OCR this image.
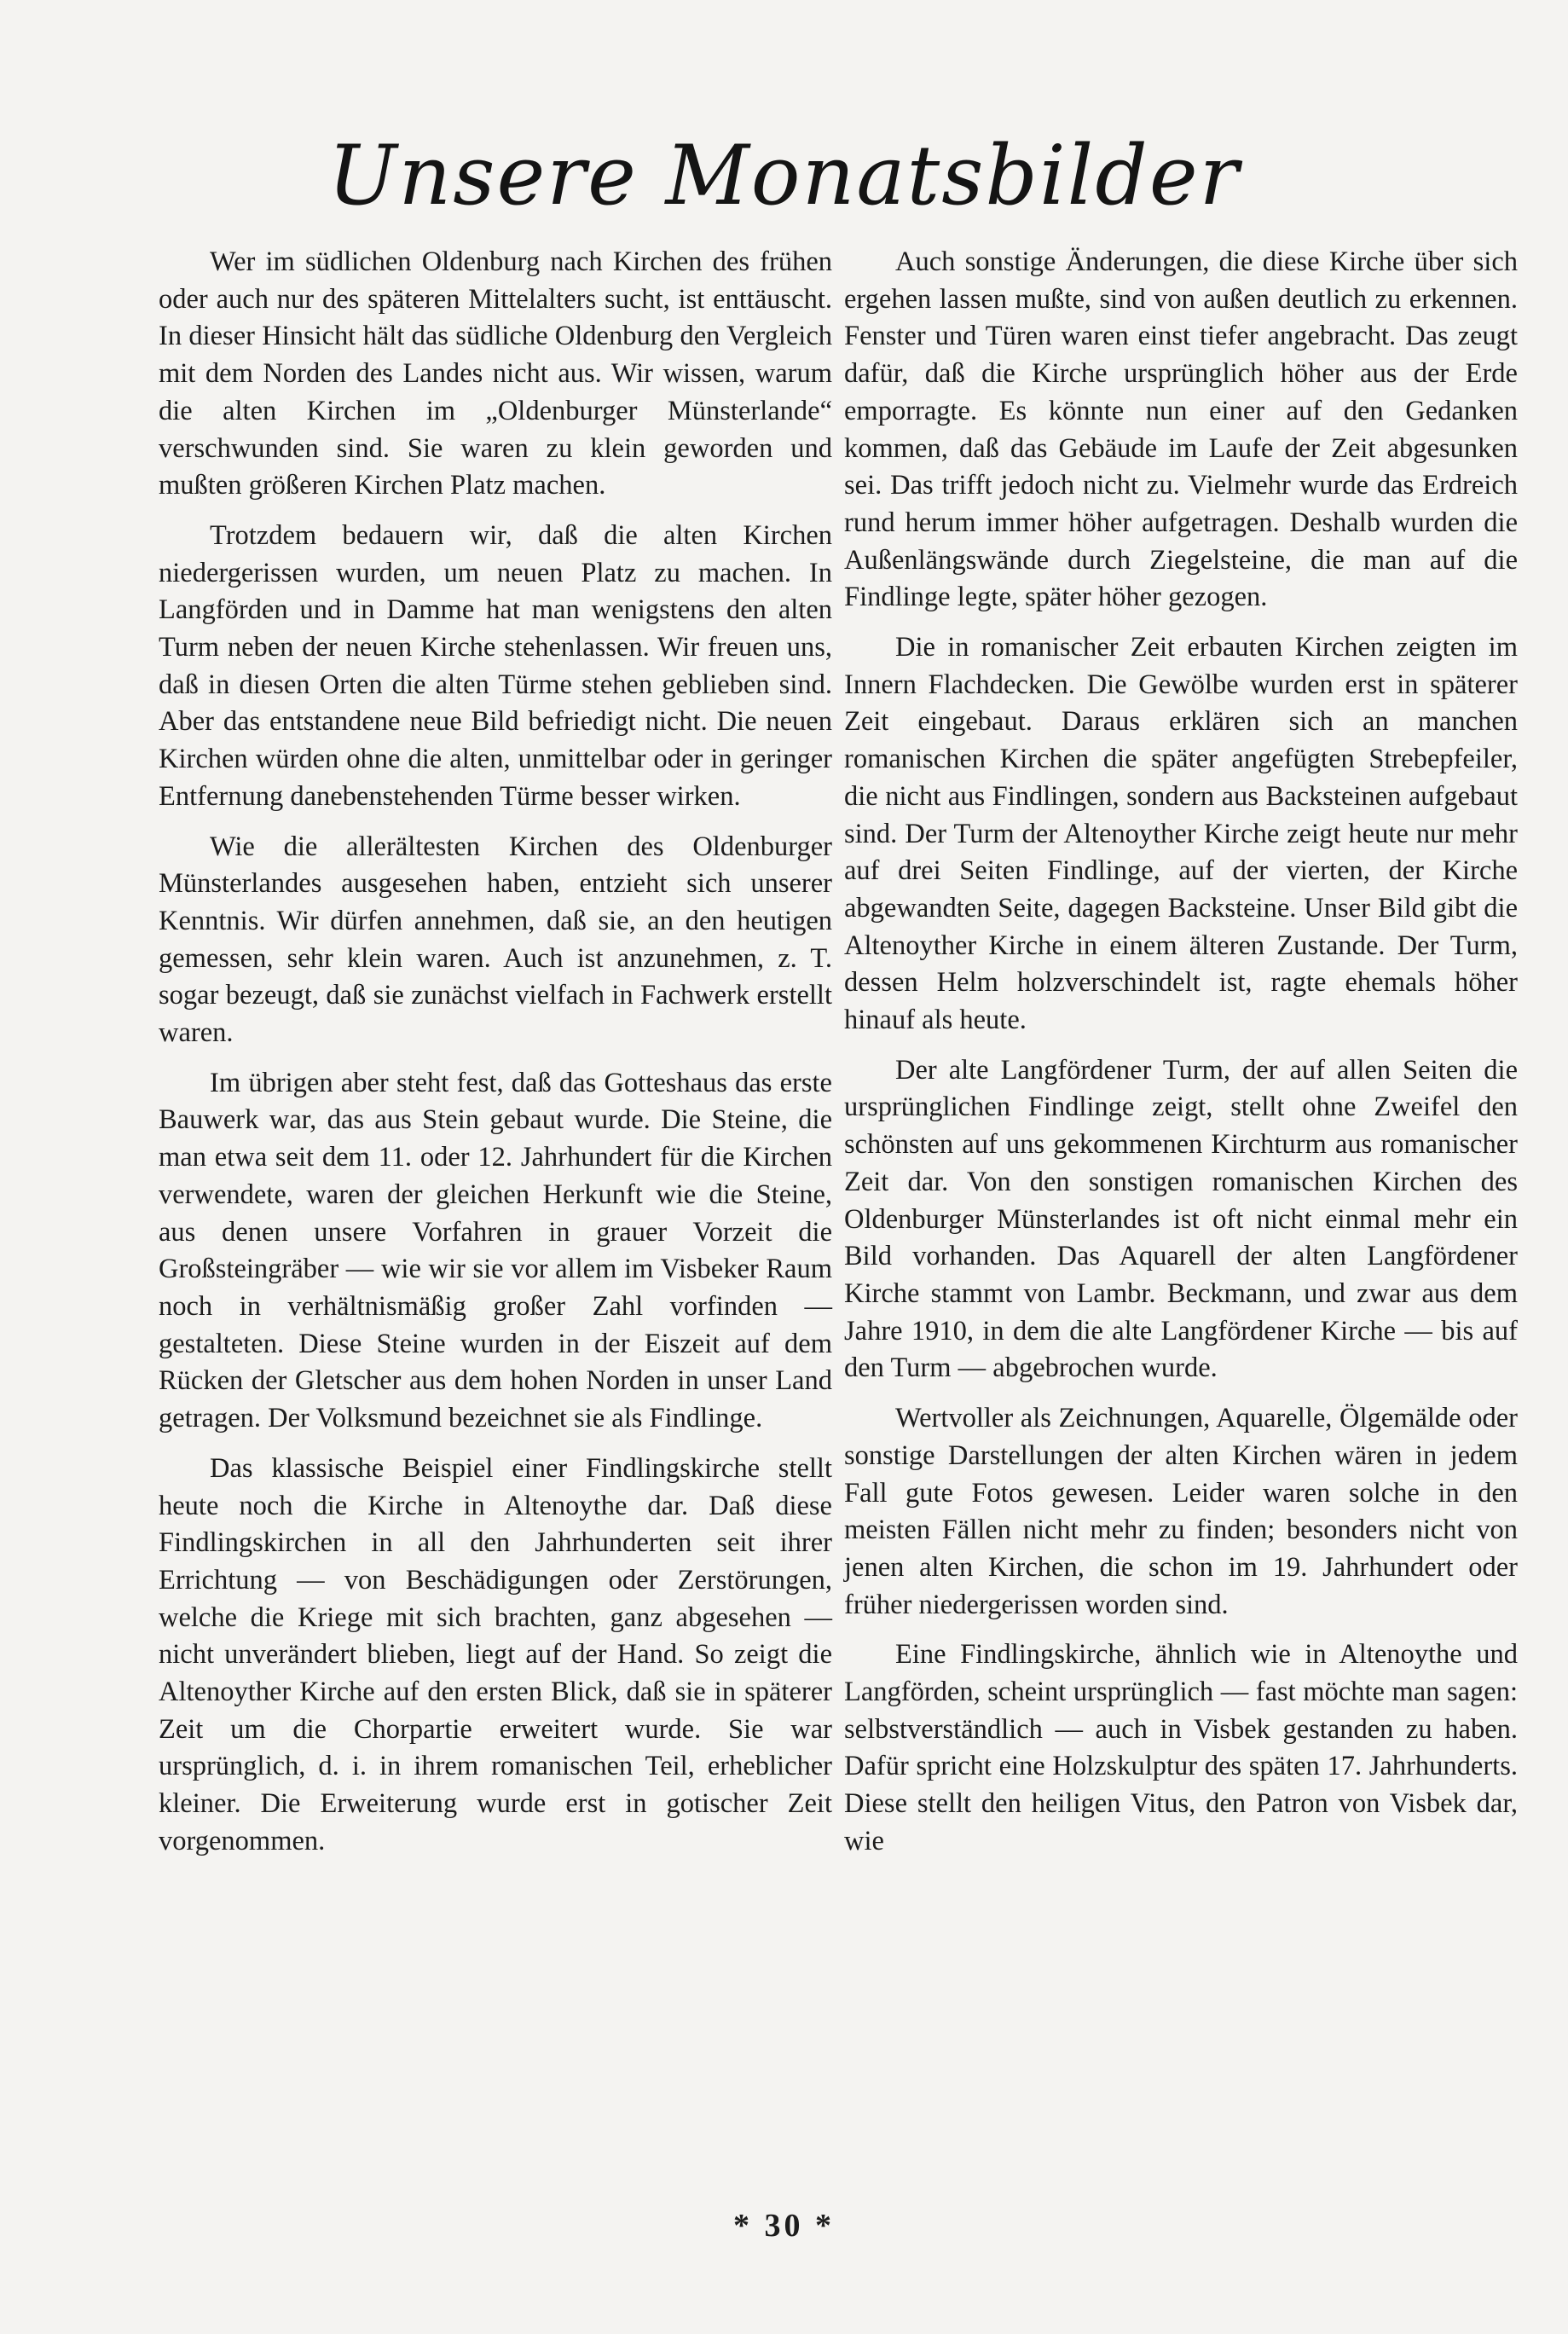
Unsere Monatsbilder

Wer im südlichen Oldenburg nach Kirchen des frühen oder auch nur des späteren Mittelalters sucht, ist enttäuscht. In dieser Hinsicht hält das südliche Oldenburg den Vergleich mit dem Norden des Landes nicht aus. Wir wissen, warum die alten Kirchen im „Oldenburger Münsterlande“ verschwunden sind. Sie waren zu klein geworden und mußten größeren Kirchen Platz machen.

Trotzdem bedauern wir, daß die alten Kirchen niedergerissen wurden, um neuen Platz zu machen. In Langförden und in Damme hat man wenigstens den alten Turm neben der neuen Kirche stehenlassen. Wir freuen uns, daß in diesen Orten die alten Türme stehen geblieben sind. Aber das entstandene neue Bild befriedigt nicht. Die neuen Kirchen würden ohne die alten, unmittelbar oder in geringer Entfernung danebenstehenden Türme besser wirken.

Wie die allerältesten Kirchen des Oldenburger Münsterlandes ausgesehen haben, entzieht sich unserer Kenntnis. Wir dürfen annehmen, daß sie, an den heutigen gemessen, sehr klein waren. Auch ist anzunehmen, z. T. sogar bezeugt, daß sie zunächst vielfach in Fachwerk erstellt waren.

Im übrigen aber steht fest, daß das Gotteshaus das erste Bauwerk war, das aus Stein gebaut wurde. Die Steine, die man etwa seit dem 11. oder 12. Jahrhundert für die Kirchen verwendete, waren der gleichen Herkunft wie die Steine, aus denen unsere Vorfahren in grauer Vorzeit die Großsteingräber — wie wir sie vor allem im Visbeker Raum noch in verhältnismäßig großer Zahl vorfinden — gestalteten. Diese Steine wurden in der Eiszeit auf dem Rücken der Gletscher aus dem hohen Norden in unser Land getragen. Der Volksmund bezeichnet sie als Findlinge.

Das klassische Beispiel einer Findlingskirche stellt heute noch die Kirche in Altenoythe dar. Daß diese Findlingskirchen in all den Jahrhunderten seit ihrer Errichtung — von Beschädigungen oder Zerstörungen, welche die Kriege mit sich brachten, ganz abgesehen — nicht unverändert blieben, liegt auf der Hand. So zeigt die Altenoyther Kirche auf den ersten Blick, daß sie in späterer Zeit um die Chorpartie erweitert wurde. Sie war ursprünglich, d. i. in ihrem romanischen Teil, erheblicher kleiner. Die Erweiterung wurde erst in gotischer Zeit vorgenommen.

Auch sonstige Änderungen, die diese Kirche über sich ergehen lassen mußte, sind von außen deutlich zu erkennen. Fenster und Türen waren einst tiefer angebracht. Das zeugt dafür, daß die Kirche ursprünglich höher aus der Erde emporragte. Es könnte nun einer auf den Gedanken kommen, daß das Gebäude im Laufe der Zeit abgesunken sei. Das trifft jedoch nicht zu. Vielmehr wurde das Erdreich rund herum immer höher aufgetragen. Deshalb wurden die Außenlängswände durch Ziegelsteine, die man auf die Findlinge legte, später höher gezogen.

Die in romanischer Zeit erbauten Kirchen zeigten im Innern Flachdecken. Die Gewölbe wurden erst in späterer Zeit eingebaut. Daraus erklären sich an manchen romanischen Kirchen die später angefügten Strebepfeiler, die nicht aus Findlingen, sondern aus Backsteinen aufgebaut sind. Der Turm der Altenoyther Kirche zeigt heute nur mehr auf drei Seiten Findlinge, auf der vierten, der Kirche abgewandten Seite, dagegen Backsteine. Unser Bild gibt die Altenoyther Kirche in einem älteren Zustande. Der Turm, dessen Helm holzverschindelt ist, ragte ehemals höher hinauf als heute.

Der alte Langfördener Turm, der auf allen Seiten die ursprünglichen Findlinge zeigt, stellt ohne Zweifel den schönsten auf uns gekommenen Kirchturm aus romanischer Zeit dar. Von den sonstigen romanischen Kirchen des Oldenburger Münsterlandes ist oft nicht einmal mehr ein Bild vorhanden. Das Aquarell der alten Langfördener Kirche stammt von Lambr. Beckmann, und zwar aus dem Jahre 1910, in dem die alte Langfördener Kirche — bis auf den Turm — abgebrochen wurde.

Wertvoller als Zeichnungen, Aquarelle, Ölgemälde oder sonstige Darstellungen der alten Kirchen wären in jedem Fall gute Fotos gewesen. Leider waren solche in den meisten Fällen nicht mehr zu finden; besonders nicht von jenen alten Kirchen, die schon im 19. Jahrhundert oder früher niedergerissen worden sind.

Eine Findlingskirche, ähnlich wie in Altenoythe und Langförden, scheint ursprünglich — fast möchte man sagen: selbstverständlich — auch in Visbek gestanden zu haben. Dafür spricht eine Holzskulptur des späten 17. Jahrhunderts. Diese stellt den heiligen Vitus, den Patron von Visbek dar, wie

* 30 *
